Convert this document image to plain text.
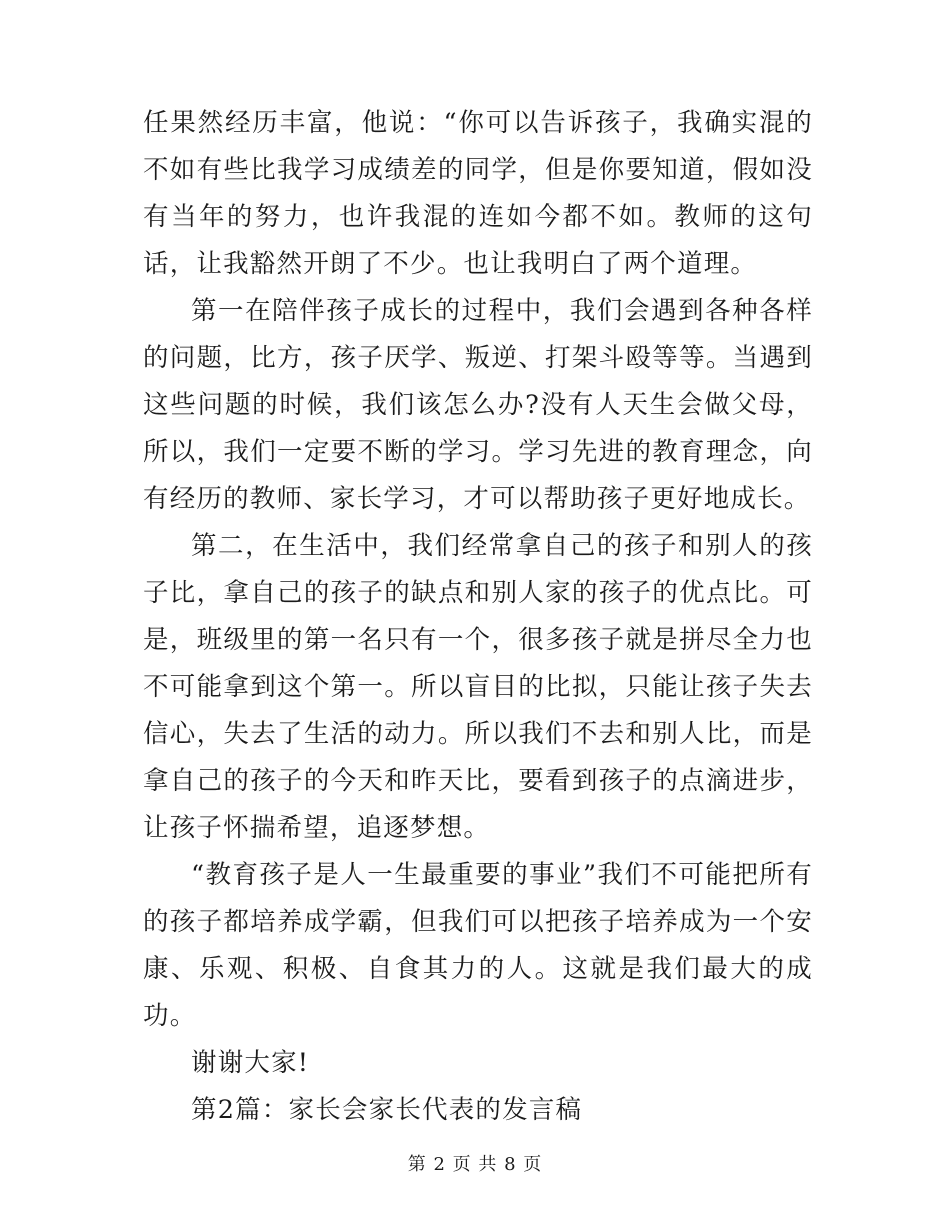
任果然经历丰富，他说：“你可以告诉孩子，我确实混的不如有些比我学习成绩差的同学，但是你要知道，假如没有当年的努力，也许我混的连如今都不如。教师的这句话，让我豁然开朗了不少。也让我明白了两个道理。

第一在陪伴孩子成长的过程中，我们会遇到各种各样的问题，比方，孩子厌学、叛逆、打架斗殴等等。当遇到这些问题的时候，我们该怎么办?没有人天生会做父母，所以，我们一定要不断的学习。学习先进的教育理念，向有经历的教师、家长学习，才可以帮助孩子更好地成长。

第二，在生活中，我们经常拿自己的孩子和别人的孩子比，拿自己的孩子的缺点和别人家的孩子的优点比。可是，班级里的第一名只有一个，很多孩子就是拼尽全力也不可能拿到这个第一。所以盲目的比拟，只能让孩子失去信心，失去了生活的动力。所以我们不去和别人比，而是拿自己的孩子的今天和昨天比，要看到孩子的点滴进步，让孩子怀揣希望，追逐梦想。

“教育孩子是人一生最重要的事业”我们不可能把所有的孩子都培养成学霸，但我们可以把孩子培养成为一个安康、乐观、积极、自食其力的人。这就是我们最大的成功。

谢谢大家!

第2篇：家长会家长代表的发言稿

第 2 页 共 8 页
